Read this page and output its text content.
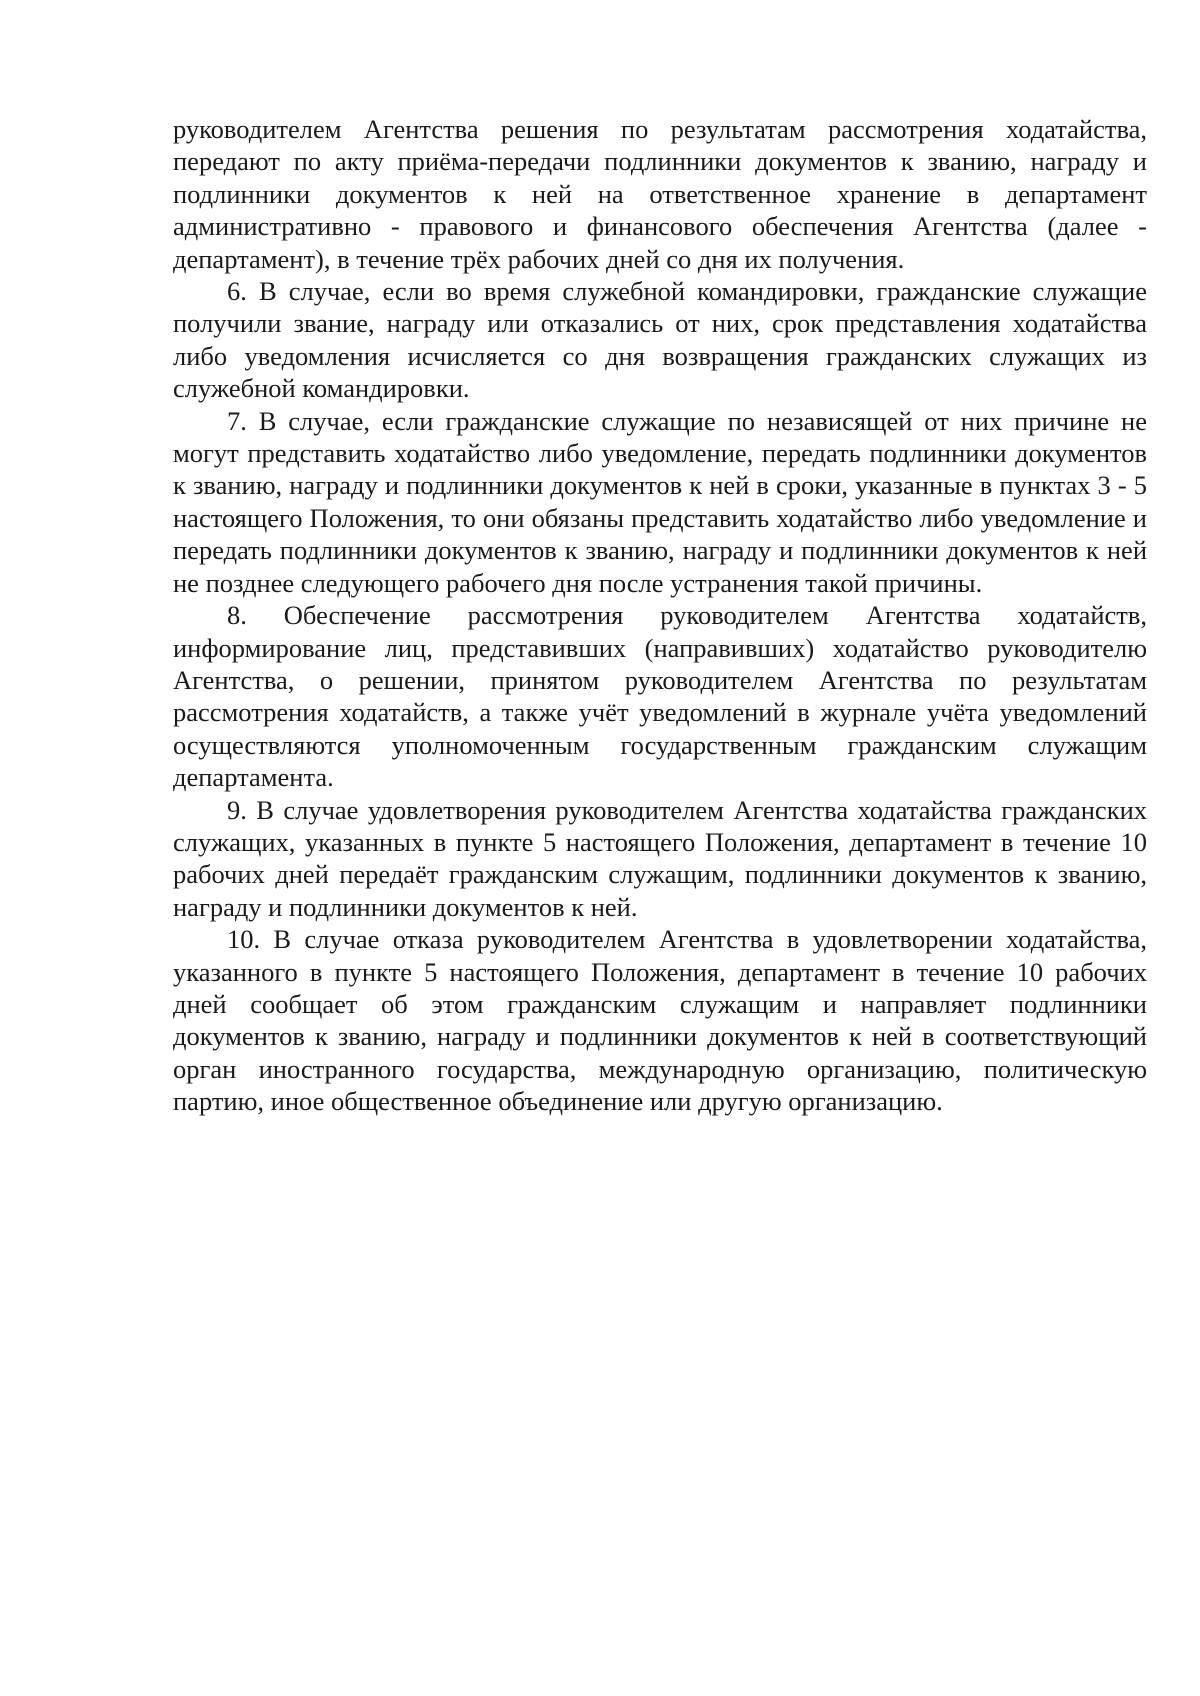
руководителем Агентства решения по результатам рассмотрения ходатайства, передают по акту приёма-передачи подлинники документов к званию, награду и подлинники документов к ней на ответственное хранение в департамент административно - правового и финансового обеспечения Агентства (далее - департамент), в течение трёх рабочих дней со дня их получения.

6. В случае, если во время служебной командировки, гражданские служащие получили звание, награду или отказались от них, срок представления ходатайства либо уведомления исчисляется со дня возвращения гражданских служащих из служебной командировки.

7. В случае, если гражданские служащие по независящей от них причине не могут представить ходатайство либо уведомление, передать подлинники документов к званию, награду и подлинники документов к ней в сроки, указанные в пунктах 3 - 5 настоящего Положения, то они обязаны представить ходатайство либо уведомление и передать подлинники документов к званию, награду и подлинники документов к ней не позднее следующего рабочего дня после устранения такой причины.

8. Обеспечение рассмотрения руководителем Агентства ходатайств, информирование лиц, представивших (направивших) ходатайство руководителю Агентства, о решении, принятом руководителем Агентства по результатам рассмотрения ходатайств, а также учёт уведомлений в журнале учёта уведомлений осуществляются уполномоченным государственным гражданским служащим департамента.

9. В случае удовлетворения руководителем Агентства ходатайства гражданских служащих, указанных в пункте 5 настоящего Положения, департамент в течение 10 рабочих дней передаёт гражданским служащим, подлинники документов к званию, награду и подлинники документов к ней.

10. В случае отказа руководителем Агентства в удовлетворении ходатайства, указанного в пункте 5 настоящего Положения, департамент в течение 10 рабочих дней сообщает об этом гражданским служащим и направляет подлинники документов к званию, награду и подлинники документов к ней в соответствующий орган иностранного государства, международную организацию, политическую партию, иное общественное объединение или другую организацию.
